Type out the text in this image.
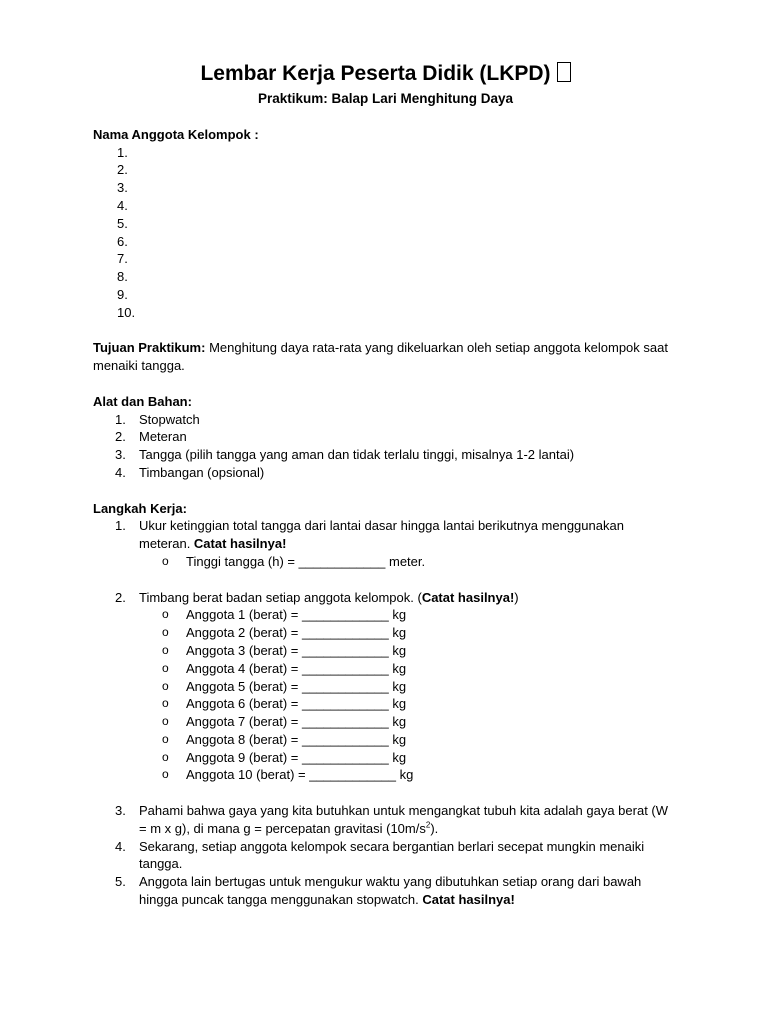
Lembar Kerja Peserta Didik (LKPD)
Praktikum: Balap Lari Menghitung Daya
Nama Anggota Kelompok :
1.

2.

3.

4.

5.

6.

7.

8.

9.

10.

Tujuan Praktikum: Menghitung daya rata-rata yang dikeluarkan oleh setiap anggota kelompok saat menaiki tangga.

Alat dan Bahan:
1. Stopwatch
2. Meteran
3. Tangga (pilih tangga yang aman dan tidak terlalu tinggi, misalnya 1-2 lantai)
4. Timbangan (opsional)
Langkah Kerja:
1. Ukur ketinggian total tangga dari lantai dasar hingga lantai berikutnya menggunakan meteran. Catat hasilnya!
o Tinggi tangga (h) = ____________ meter.
2. Timbang berat badan setiap anggota kelompok. (Catat hasilnya!)
o Anggota 1 (berat) = ____________ kg
o Anggota 2 (berat) = ____________ kg
o Anggota 3 (berat) = ____________ kg
o Anggota 4 (berat) = ____________ kg
o Anggota 5 (berat) = ____________ kg
o Anggota 6 (berat) = ____________ kg
o Anggota 7 (berat) = ____________ kg
o Anggota 8 (berat) = ____________ kg
o Anggota 9 (berat) = ____________ kg
o Anggota 10 (berat) = ____________ kg
3. Pahami bahwa gaya yang kita butuhkan untuk mengangkat tubuh kita adalah gaya berat (W = m x g), di mana g = percepatan gravitasi $(10m/s^2)$.
4. Sekarang, setiap anggota kelompok secara bergantian berlari secepat mungkin menaiki tangga.
5. Anggota lain bertugas untuk mengukur waktu yang dibutuhkan setiap orang dari bawah hingga puncak tangga menggunakan stopwatch. Catat hasilnya!
